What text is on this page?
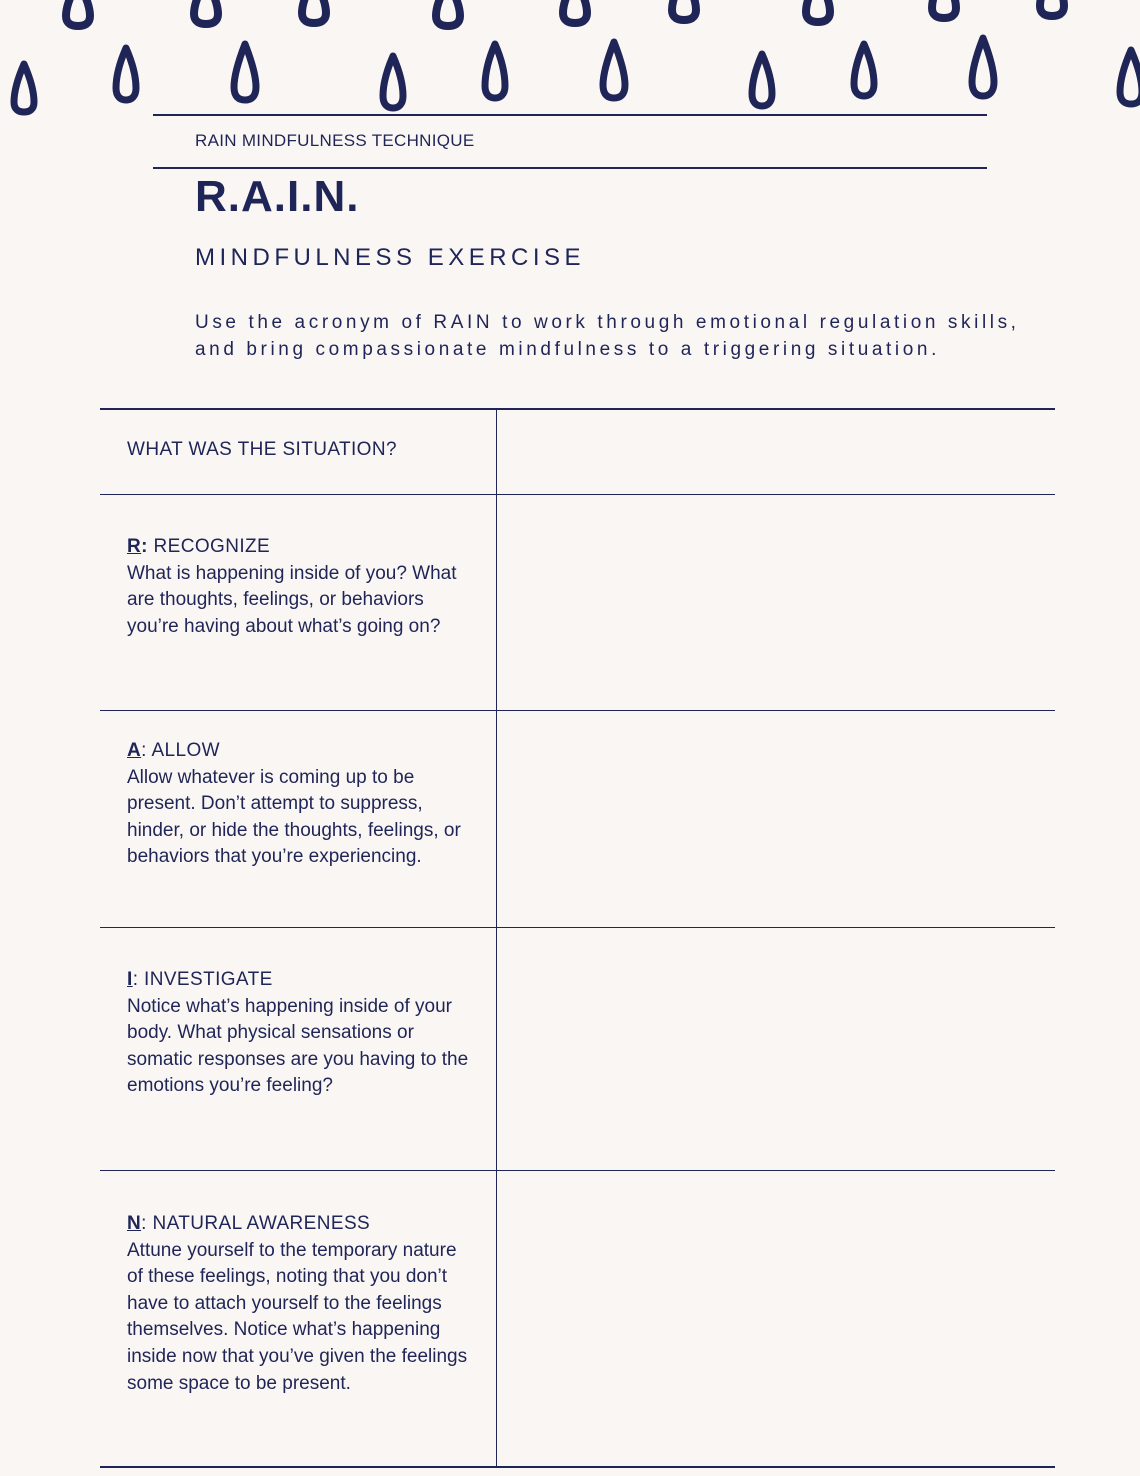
RAIN MINDFULNESS TECHNIQUE
R.A.I.N.
MINDFULNESS EXERCISE
Use the acronym of RAIN to work through emotional regulation skills, and bring compassionate mindfulness to a triggering situation.
WHAT WAS THE SITUATION?
R: RECOGNIZE
What is happening inside of you? What are thoughts, feelings, or behaviors you’re having about what’s going on?
A: ALLOW
Allow whatever is coming up to be present. Don’t attempt to suppress, hinder, or hide the thoughts, feelings, or behaviors that you’re experiencing.
I: INVESTIGATE
Notice what’s happening inside of your body. What physical sensations or somatic responses are you having to the emotions you’re feeling?
N: NATURAL AWARENESS
Attune yourself to the temporary nature of these feelings, noting that you don’t have to attach yourself to the feelings themselves. Notice what’s happening inside now that you’ve given the feelings some space to be present.
